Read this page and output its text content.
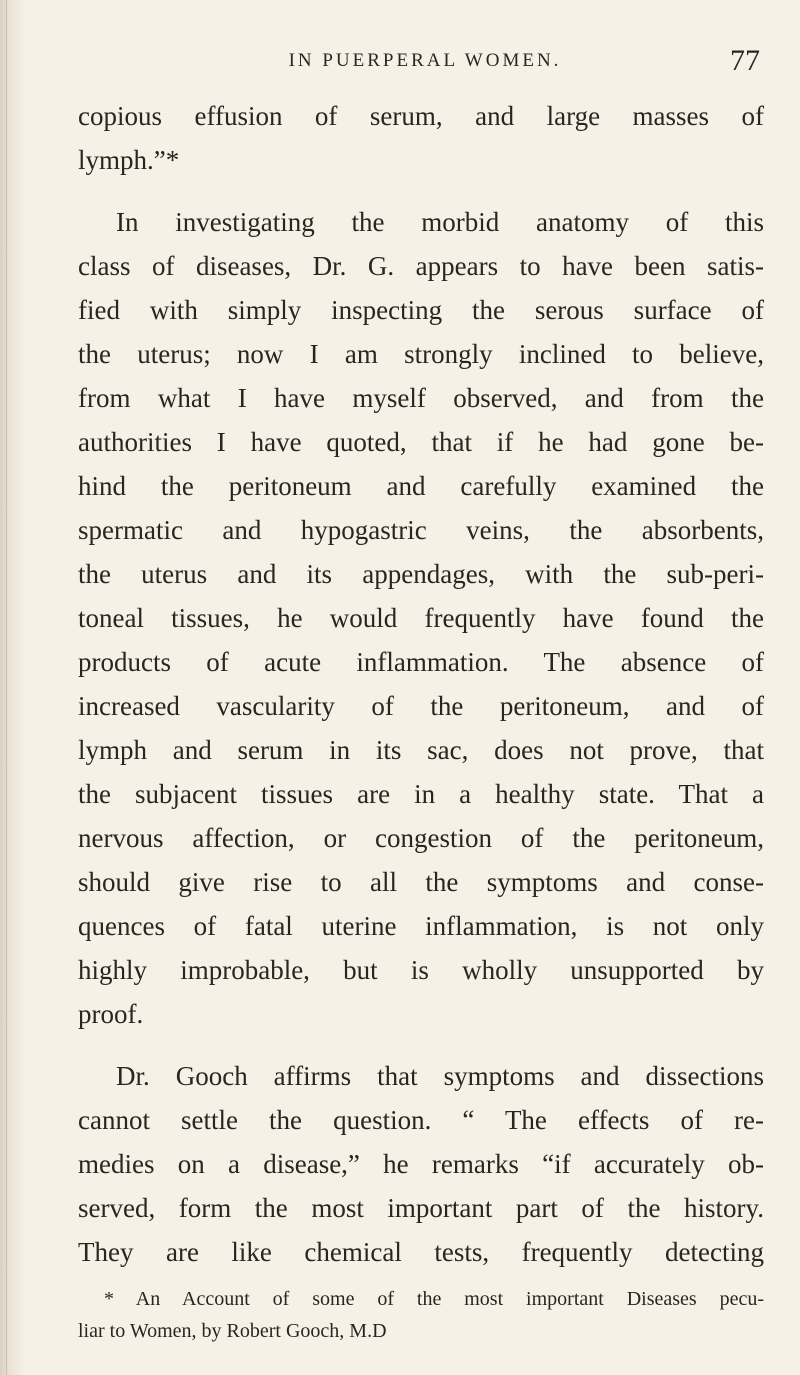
IN PUERPERAL WOMEN.	77
copious effusion of serum, and large masses of
lymph.”*
In investigating the morbid anatomy of this
class of diseases, Dr. G. appears to have been satis-
fied with simply inspecting the serous surface of
the uterus; now I am strongly inclined to believe,
from what I have myself observed, and from the
authorities I have quoted, that if he had gone be-
hind the peritoneum and carefully examined the
spermatic and hypogastric veins, the absorbents,
the uterus and its appendages, with the sub-peri-
toneal tissues, he would frequently have found the
products of acute inflammation. The absence of
increased vascularity of the peritoneum, and of
lymph and serum in its sac, does not prove, that
the subjacent tissues are in a healthy state. That a
nervous affection, or congestion of the peritoneum,
should give rise to all the symptoms and conse-
quences of fatal uterine inflammation, is not only
highly improbable, but is wholly unsupported by
proof.
Dr. Gooch affirms that symptoms and dissections
cannot settle the question. “ The effects of re-
medies on a disease,” he remarks “if accurately ob-
served, form the most important part of the history.
They are like chemical tests, frequently detecting
* An Account of some of the most important Diseases pecu-
liar to Women, by Robert Gooch, M.D
